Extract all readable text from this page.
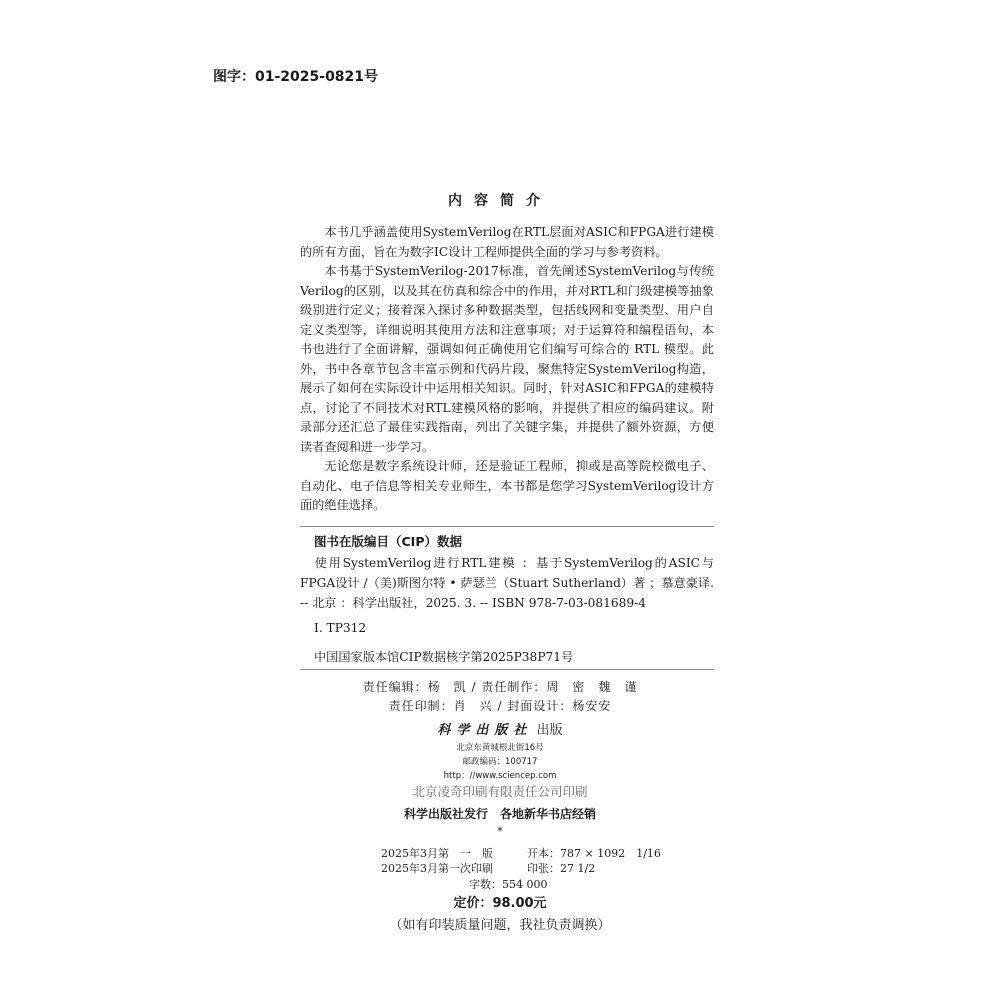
图字：01-2025-0821号
内容简介

本书几乎涵盖使用SystemVerilog在RTL层面对ASIC和FPGA进行建模的所有方面，旨在为数字IC设计工程师提供全面的学习与参考资料。

本书基于SystemVerilog-2017标准，首先阐述SystemVerilog与传统Verilog的区别，以及其在仿真和综合中的作用，并对RTL和门级建模等抽象级别进行定义；接着深入探讨多种数据类型，包括线网和变量类型、用户自定义类型等，详细说明其使用方法和注意事项；对于运算符和编程语句，本书也进行了全面讲解，强调如何正确使用它们编写可综合的 RTL 模型。此外，书中各章节包含丰富示例和代码片段，聚焦特定SystemVerilog构造，展示了如何在实际设计中运用相关知识。同时，针对ASIC和FPGA的建模特点，讨论了不同技术对RTL建模风格的影响，并提供了相应的编码建议。附录部分还汇总了最佳实践指南，列出了关键字集，并提供了额外资源，方便读者查阅和进一步学习。

无论您是数字系统设计师，还是验证工程师，抑或是高等院校微电子、自动化、电子信息等相关专业师生，本书都是您学习SystemVerilog设计方面的绝佳选择。

图书在版编目（CIP）数据
使用SystemVerilog进行RTL建模 ：基于SystemVerilog的ASIC与FPGA设计 /（美)斯图尔特 • 萨瑟兰（Stuart Sutherland）著 ；慕意豪译. -- 北京 ：科学出版社，2025. 3. -- ISBN 978-7-03-081689-4
Ⅰ. TP312
中国国家版本馆CIP数据核字第2025P38P71号
责任编辑：杨　凯 / 责任制作：周　密　魏　谨
责任印制：肖　兴 / 封面设计：杨安安
科学出版社 出版
北京东黄城根北街16号
邮政编码：100717
http：//www.sciencep.com
北京凌奇印刷有限责任公司印刷
科学出版社发行　各地新华书店经销
*
2025年3月第　一　版	开本：787 × 1092　1/16
2025年3月第一次印刷	印张：27 1/2
字数：554 000
定价：98.00元
（如有印装质量问题，我社负责调换）
